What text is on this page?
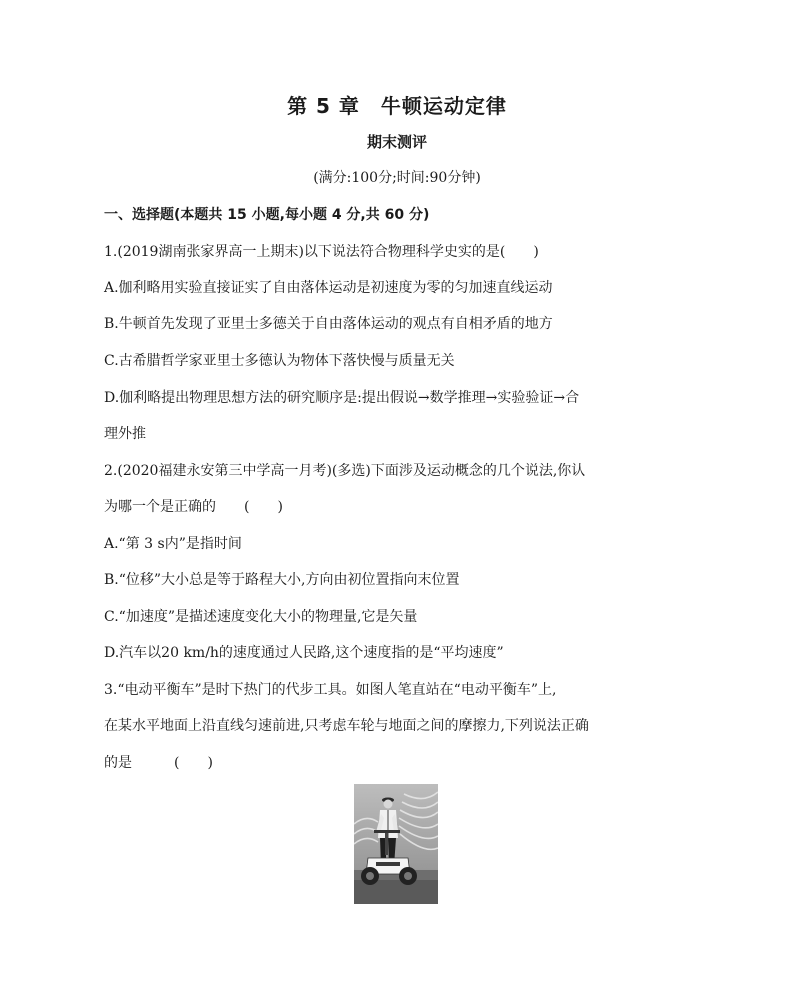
第 5 章　牛顿运动定律
期末测评
(满分:100分;时间:90分钟)
一、选择题(本题共 15 小题,每小题 4 分,共 60 分)
1.(2019湖南张家界高一上期末)以下说法符合物理科学史实的是(　　)
A.伽利略用实验直接证实了自由落体运动是初速度为零的匀加速直线运动
B.牛顿首先发现了亚里士多德关于自由落体运动的观点有自相矛盾的地方
C.古希腊哲学家亚里士多德认为物体下落快慢与质量无关
D.伽利略提出物理思想方法的研究顺序是:提出假说→数学推理→实验验证→合
理外推
2.(2020福建永安第三中学高一月考)(多选)下面涉及运动概念的几个说法,你认
为哪一个是正确的　　(　　)
A.“第 3 s内”是指时间
B.“位移”大小总是等于路程大小,方向由初位置指向末位置
C.“加速度”是描述速度变化大小的物理量,它是矢量
D.汽车以20 km/h的速度通过人民路,这个速度指的是“平均速度”
3.“电动平衡车”是时下热门的代步工具。如图人笔直站在“电动平衡车”上,
在某水平地面上沿直线匀速前进,只考虑车轮与地面之间的摩擦力,下列说法正确
的是　　　(　　)
